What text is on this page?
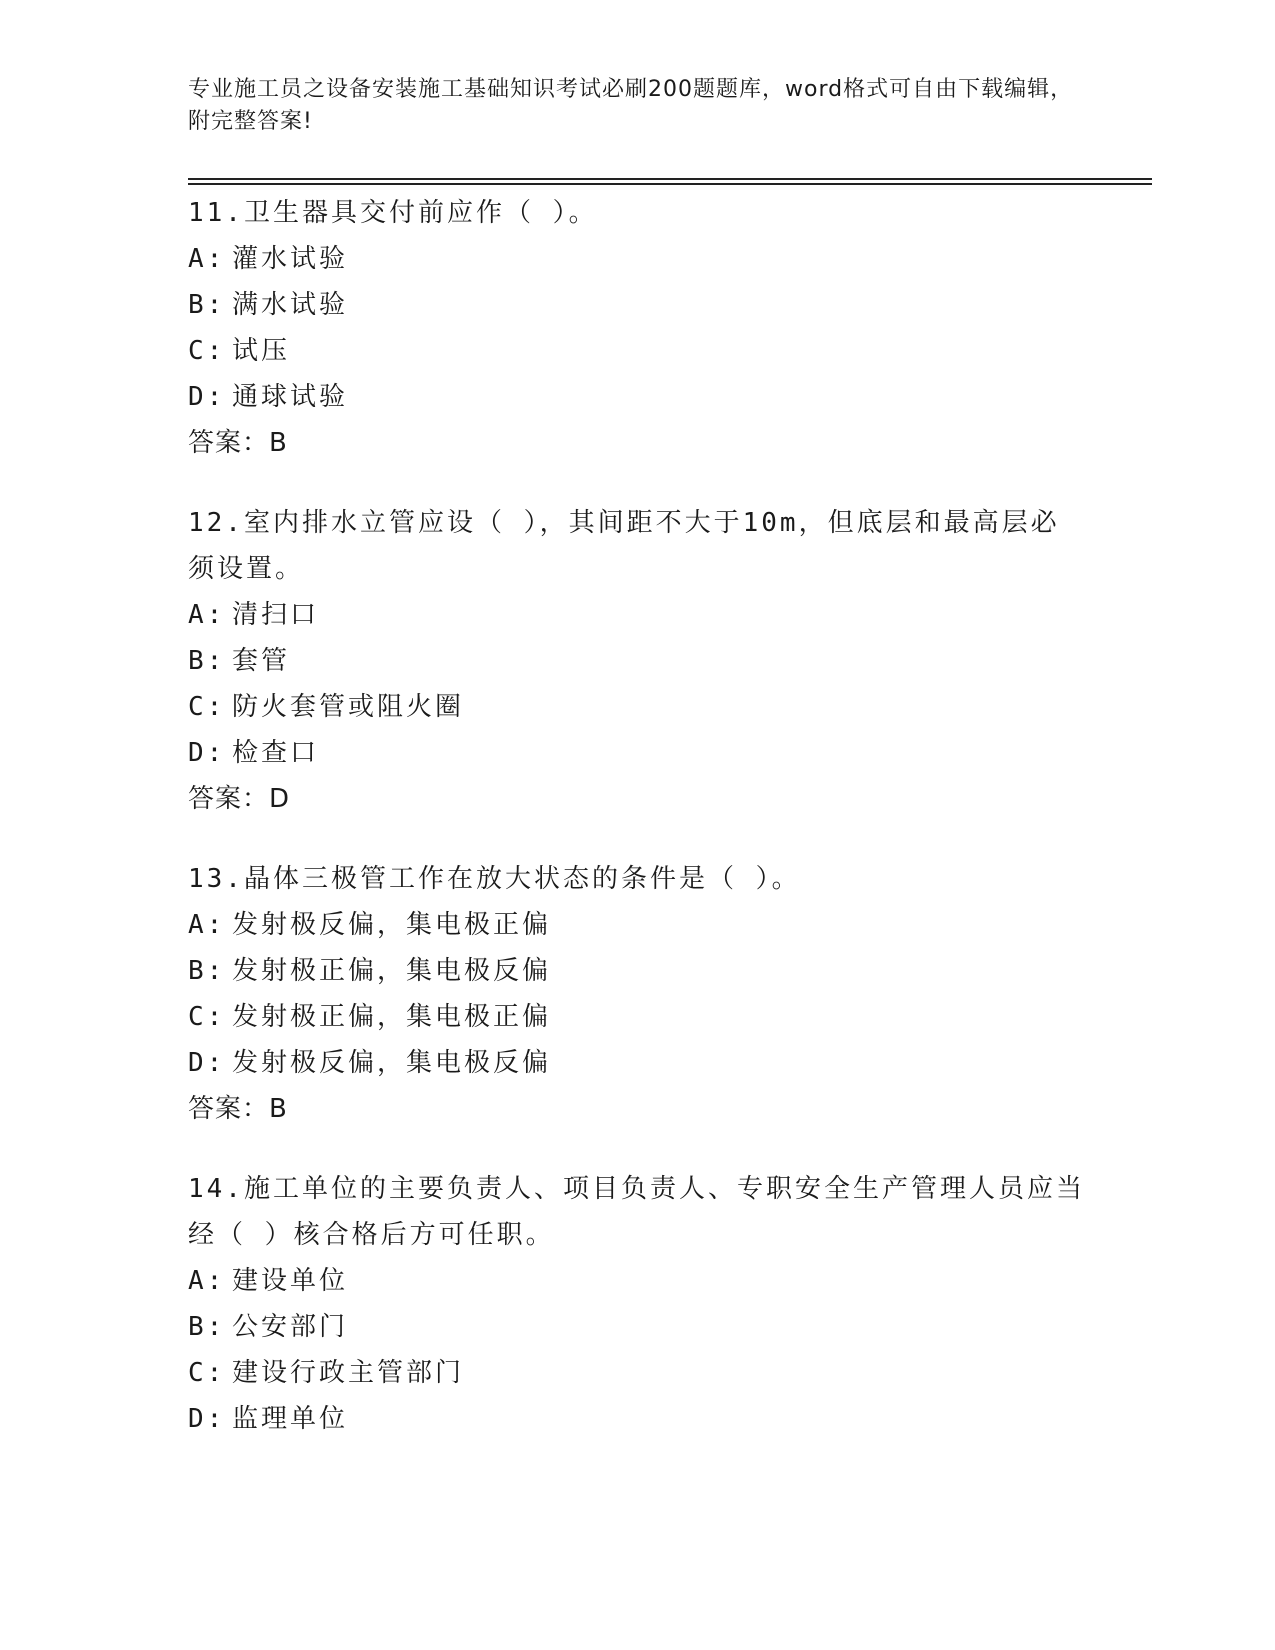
专业施工员之设备安装施工基础知识考试必刷200题题库，word格式可自由下载编辑，附完整答案!

11.卫生器具交付前应作（ ）。

A: 灌水试验

B: 满水试验

C: 试压

D: 通球试验

答案：B

12.室内排水立管应设（ ），其间距不大于10m，但底层和最高层必须设置。

A: 清扫口

B: 套管

C: 防火套管或阻火圈

D: 检查口

答案：D

13.晶体三极管工作在放大状态的条件是（ ）。

A: 发射极反偏，集电极正偏

B: 发射极正偏，集电极反偏

C: 发射极正偏，集电极正偏

D: 发射极反偏，集电极反偏

答案：B

14.施工单位的主要负责人、项目负责人、专职安全生产管理人员应当经（ ）核合格后方可任职。

A: 建设单位

B: 公安部门

C: 建设行政主管部门

D: 监理单位
